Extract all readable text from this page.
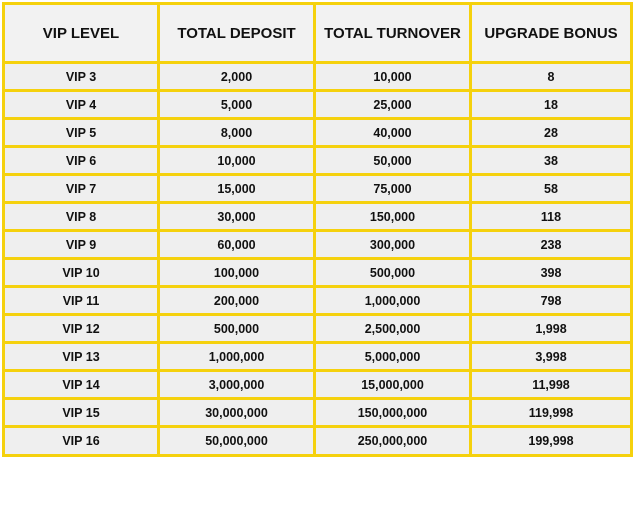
VIP LEVEL	TOTAL DEPOSIT	TOTAL TURNOVER	UPGRADE BONUS
VIP 3	2,000	10,000	8
VIP 4	5,000	25,000	18
VIP 5	8,000	40,000	28
VIP 6	10,000	50,000	38
VIP 7	15,000	75,000	58
VIP 8	30,000	150,000	118
VIP 9	60,000	300,000	238
VIP 10	100,000	500,000	398
VIP 11	200,000	1,000,000	798
VIP 12	500,000	2,500,000	1,998
VIP 13	1,000,000	5,000,000	3,998
VIP 14	3,000,000	15,000,000	11,998
VIP 15	30,000,000	150,000,000	119,998
VIP 16	50,000,000	250,000,000	199,998
